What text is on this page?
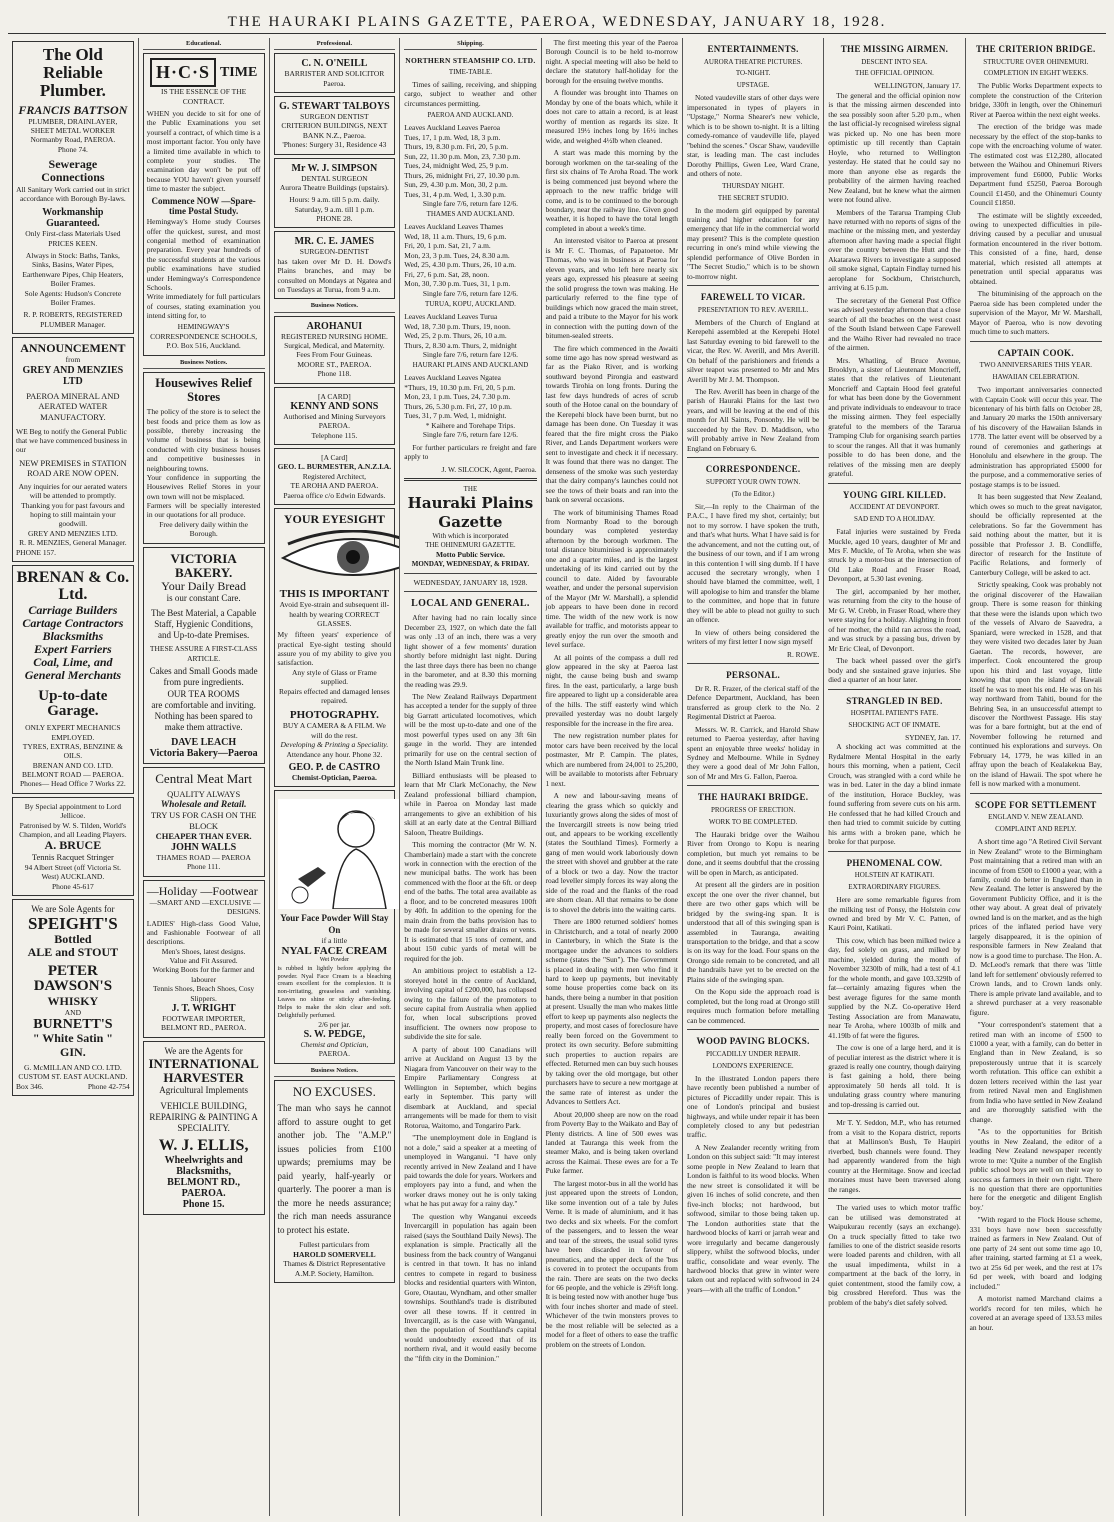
THE HAURAKI PLAINS GAZETTE, PAEROA, WEDNESDAY, JANUARY 18, 1928.
The Old Reliable Plumber.
FRANCIS BATTSON
PLUMBER, DRAINLAYER, SHEET METAL WORKER
Normanby Road, PAEROA.
Phone 74.
Sewerage Connections
All Sanitary Work carried out in strict accordance with Borough By-laws.
Workmanship Guaranteed.
Only First-class Materials Used PRICES KEEN.
Always in Stock: Baths, Tanks, Sinks, Basins, Water Pipes, Earthenware Pipes, Chip Heaters, Boiler Frames.
Sole Agents: Hudson's Concrete Boiler Frames.
R. P. ROBERTS, REGISTERED PLUMBER Manager.
ANNOUNCEMENT
from
GREY AND MENZIES LTD
PAEROA MINERAL AND AERATED WATER MANUFACTORY.
WE Beg to notify the General Public that we have commenced business in our
NEW PREMISES in STATION ROAD ARE NOW OPEN.
Any inquiries for our aerated waters will be attended to promptly.
Thanking you for past favours and hoping to still maintain your goodwill.
GREY AND MENZIES LTD.
R. R. MENZIES, General Manager.
PHONE 157.
BRENAN & Co. Ltd.
Carriage Builders
Cartage Contractors
Blacksmiths
Expert Farriers
Coal, Lime, and General Merchants
Up-to-date Garage.
ONLY EXPERT MECHANICS EMPLOYED.
TYRES, EXTRAS, BENZINE & OILS.
BRENAN AND CO. LTD.
BELMONT ROAD — PAEROA.
Phones— Head Office 7 Works 22.
By Special appointment to Lord Jellicoe.
Patronised by W. S. Tilden, World's Champion, and all Leading Players.
A. BRUCE
Tennis Racquet Stringer
94 Albert Street (off Victoria St. West) AUCKLAND.
Phone 45-617
We are Sole Agents for
SPEIGHT'S
Bottled
ALE and STOUT
PETER DAWSON'S
WHISKY
AND
BURNETT'S
" White Satin "
GIN.
G. McMILLAN AND CO. LTD.
CUSTOM ST. EAST AUCKLAND.
Box 346.	Phone 42-754
Educational.
H·C·S TIME
IS THE ESSENCE OF THE CONTRACT.
WHEN you decide to sit for one of the Public Examinations you set yourself a contract, of which time is a most important factor. You only have a limited time available in which to complete your studies. The examination day won't be put off because YOU haven't given yourself time to master the subject.
Commence NOW —Spare-time Postal Study.
Hemingway's Home study Courses offer the quickest, surest, and most congenial method of examination preparation. Every year hundreds of the successful students at the various public examinations have studied under Hemingway's Correspondence Schools.
Write immediately for full particulars of courses, stating examination you intend sitting for, to
HEMINGWAY'S CORRESPONDENCE SCHOOLS, P.O. Box 516, Auckland.
Business Notices.
Housewives Relief Stores
The policy of the store is to select the best foods and price them as low as possible, thereby increasing the volume of business that is being conducted with city business houses and competitive businesses in neighbouring towns.
Your confidence in supporting the Housewives Relief Stores in your own town will not be misplaced.
Farmers will be specially interested in our quotations for all produce.
Free delivery daily within the Borough.
VICTORIA BAKERY.
Your Daily Bread
is our constant Care.
The Best Material, a Capable Staff, Hygienic Conditions, and Up-to-date Premises.
THESE ASSURE A FIRST-CLASS ARTICLE.
Cakes and Small Goods made from pure ingredients.
OUR TEA ROOMS
are comfortable and inviting. Nothing has been spared to make them attractive.
DAVE LEACH
Victoria Bakery—Paeroa
Central Meat Mart
QUALITY ALWAYS
Wholesale and Retail.
TRY US FOR CASH ON THE BLOCK
CHEAPER THAN EVER.
JOHN WALLS
THAMES ROAD — PAEROA
Phone 111.
—Holiday —Footwear
—SMART AND —EXCLUSIVE —DESIGNS.
LADIES' High-class Good Value, and Fashionable Footwear of all descriptions.
Men's Shoes, latest designs.
Value and Fit Assured.
Working Boots for the farmer and labourer
Tennis Shoes, Beach Shoes, Cosy Slippers.
J. T. WRIGHT
FOOTWEAR IMPORTER, BELMONT RD., PAEROA.
We are the Agents for
INTERNATIONAL HARVESTER
Agricultural Implements
VEHICLE BUILDING, REPAIRING & PAINTING A SPECIALITY.
W. J. ELLIS,
Wheelwrights and Blacksmiths,
BELMONT RD., PAEROA.
Phone 15.
Professional.
C. N. O'NEILL
BARRISTER AND SOLICITOR
Paeroa.
G. STEWART TALBOYS
SURGEON DENTIST
CRITERION BUILDINGS, NEXT BANK N.Z., Paeroa.
'Phones: Surgery 31, Residence 43
Mr W. J. SIMPSON
DENTAL SURGEON
Aurora Theatre Buildings (upstairs).
Hours: 9 a.m. till 5 p.m. daily. Saturday, 9 a.m. till 1 p.m.
PHONE 28.
MR. C. E. JAMES
SURGEON-DENTIST
has taken over Mr D. H. Dowd's Plains branches, and may be consulted on Mondays at Ngatea and on Tuesdays at Turua, from 9 a.m.
Business Notices.
AROHANUI
REGISTERED NURSING HOME.
Surgical, Medical, and Maternity. Fees From Four Guineas.
MOORE ST., PAEROA.
Phone 118.
[A CARD]
KENNY AND SONS
Authorised and Mining Surveyors PAEROA.
Telephone 115.
[A Card]
GEO. L. BURMESTER, A.N.Z.I.A.
Registered Architect,
TE AROHA AND PAEROA.
Paeroa office c/o Edwin Edwards.
YOUR EYESIGHT
THIS IS IMPORTANT
Avoid Eye-strain and subsequent ill-health by wearing CORRECT GLASSES.
My fifteen years' experience of practical Eye-sight testing should assure you of my ability to give you satisfaction.
Any style of Glass or Frame supplied.
Repairs effected and damaged lenses repaired.
PHOTOGRAPHY.
BUY A CAMERA & A FILM. We will do the rest.
Developing & Printing a Speciality.
Attendance any hour. Phone 32.
GEO. P. de CASTRO
Chemist-Optician, Paeroa.
Your Face Powder Will Stay On
if a little
NYAL FACE CREAM
Wet Powder
is rubbed in lightly before applying the powder. Nyal Face Cream is a bleaching cream excellent for the complexion. It is non-irritating, greaseless and vanishing. Leaves no shine or sticky after-feeling. Helps to make the skin clear and soft. Delightfully perfumed.
2/6 per jar.
S. W. PEDGE,
Chemist and Optician,
PAEROA.
Business Notices.
NO EXCUSES.
The man who says he cannot afford to assure ought to get another job. The "A.M.P." issues policies from £100 upwards; premiums may be paid yearly, half-yearly or quarterly. The poorer a man is the more he needs assurance; the rich man needs assurance to protect his estate.
Fullest particulars from
HAROLD SOMERVELL
Thames & District Representative A.M.P. Society, Hamilton.
Shipping.
NORTHERN STEAMSHIP CO. LTD.
TIME-TABLE.

Times of sailing, receiving, and shipping cargo, subject to weather and other circumstances permitting.

PAEROA AND AUCKLAND.
Leaves Auckland Leaves Paeroa
Tues, 17, 1 p.m. Wed, 18, 3 p.m.
Thurs, 19, 8.30 p.m. Fri, 20, 5 p.m.
Sun, 22, 11.30 p.m. Mon, 23, 7.30 p.m.
Tues, 24, midnight Wed, 25, 9 p.m.
Thurs, 26, midnight Fri, 27, 10.30 p.m.
Sun, 29, 4.30 p.m. Mon, 30, 2 p.m.
Tues, 31, 4 p.m. Wed, 1, 3.30 p.m.
Single fare 7/6, return fare 12/6.
THAMES AND AUCKLAND.
Leaves Auckland Leaves Thames
Wed, 18, 11 a.m. Thurs, 19, 6 p.m.
Fri, 20, 1 p.m. Sat, 21, 7 a.m.
Mon, 23, 3 p.m. Tues, 24, 8.30 a.m.
Wed, 25, 4.30 p.m. Thurs, 26, 10 a.m.
Fri, 27, 6 p.m. Sat, 28, noon.
Mon, 30, 7.30 p.m. Tues, 31, 1 p.m.
Single fare 7/6, return fare 12/6.
TURUA, KOPU, AUCKLAND.
Leaves Auckland Leaves Turua
Wed, 18, 7.30 p.m. Thurs, 19, noon.
Wed, 25, 2 p.m. Thurs, 26, 10 a.m.
Thurs, 2, 8.30 a.m. Thurs, 2, midnight
Single fare 7/6, return fare 12/6.
HAURAKI PLAINS AND AUCKLAND
Leaves Auckland Leaves Ngatea
*Thurs, 19, 10.30 p.m. Fri, 20, 5 p.m.
Mon, 23, 1 p.m. Tues, 24, 7.30 p.m.
Thurs, 26, 5.30 p.m. Fri, 27, 10 p.m.
Tues, 31, 7 p.m. Wed, 1, midnight.
* Kaihere and Torehape Trips.
Single fare 7/6, return fare 12/6.

For further particulars re freight and fare apply to

J. W. SILCOCK, Agent, Paeroa.
THE
Hauraki Plains Gazette
With which is incorporated
THE OHINEMURI GAZETTE.
Motto Public Service.
MONDAY, WEDNESDAY, & FRIDAY.
WEDNESDAY, JANUARY 18, 1928.
LOCAL AND GENERAL.

After having had no rain locally since December 23, 1927, on which date the fall was only .13 of an inch, there was a very light shower of a few moments' duration shortly before midnight last night. During the last three days there has been no change in the barometer, and at 8.30 this morning the reading was 29.9.

The New Zealand Railways Department has accepted a tender for the supply of three big Garratt articulated locomotives, which will be the most up-to-date and one of the most powerful types used on any 3ft 6in gauge in the world. They are intended primarily for use on the central section of the North Island Main Trunk line.

Billiard enthusiasts will be pleased to learn that Mr Clark McConachy, the New Zealand professional billiard champion, while in Paeroa on Monday last made arrangements to give an exhibition of his skill at an early date at the Central Billiard Saloon, Theatre Buildings.

This morning the contractor (Mr W. N. Chamberlain) made a start with the concrete work in connection with the erection of the new municipal baths. The work has been commenced with the floor at the 6ft. or deep end of the baths. The total area available as a floor, and to be concreted measures 100ft by 40ft. In addition to the opening for the main drain from the baths provision has to be made for several smaller drains or vents. It is estimated that 15 tons of cement, and about 150 cubic yards of metal will be required for the job.

An ambitious project to establish a 12-storeyed hotel in the centre of Auckland, involving capital of £200,000, has collapsed owing to the failure of the promoters to secure capital from Australia when applied for, when local subscriptions proved insufficient. The owners now propose to subdivide the site for sale.

A party of about 100 Canadians will arrive at Auckland on August 13 by the Niagara from Vancouver on their way to the Empire Parliamentary Congress at Wellington in September, which begins early in September. This party will disembark at Auckland, and special arrangements will be made for them to visit Rotorua, Waitomo, and Tongariro Park.

"The unemployment dole in England is not a dole," said a speaker at a meeting of unemployed in Wanganui. "I have only recently arrived in New Zealand and I have paid towards the dole for years. Workers and employers pay into a fund, and when the worker draws money out he is only taking what he has put away for a rainy day."

The question why Wanganui exceeds Invercargill in population has again been raised (says the Southland Daily News). The explanation is simple. Practically all the business from the back country of Wanganui is centred in that town. It has no inland centres to compete in regard to business blocks and residential quarters with Winton, Gore, Otautau, Wyndham, and other smaller townships. Southland's trade is distributed over all these towns. If it centred in Invercargill, as is the case with Wanganui, then the population of Southland's capital would undoubtedly exceed that of its northern rival, and it would easily become the "fifth city in the Dominion."

The first meeting this year of the Paeroa Borough Council is to be held to-morrow night. A special meeting will also be held to declare the statutory half-holiday for the borough for the ensuing twelve months.

A flounder was brought into Thames on Monday by one of the boats which, while it does not care to attain a record, is at least worthy of mention as regards its size. It measured 19½ inches long by 16½ inches wide, and weighed 4½lb when cleaned.

A start was made this morning by the borough workmen on the tar-sealing of the first six chains of Te Aroha Road. The work is being commenced just beyond where the approach to the new traffic bridge will come, and is to be continued to the borough boundary, near the railway line. Given good weather, it is hoped to have the total length completed in about a week's time.

An interested visitor to Paeroa at present is Mr F. C. Thomas, of Papatoetoe. Mr Thomas, who was in business at Paeroa for eleven years, and who left here nearly six years ago, expressed his pleasure at seeing the solid progress the town was making. He particularly referred to the fine type of buildings which now graced the main street, and paid a tribute to the Mayor for his work in connection with the putting down of the bitumen-sealed streets.

The fire which commenced in the Awaiti some time ago has now spread westward as far as the Piako River, and is working southward beyond Pirongia and eastward towards Tirohia on long fronts. During the last few days hundreds of acres of scrub south of the Hotoe canal on the boundary of the Kerepehi block have been burnt, but no damage has been done. On Tuesday it was feared that the fire might cross the Piako River, and Lands Department workers were sent to investigate and check it if necessary. It was found that there was no danger. The denseness of the smoke was such yesterday that the dairy company's launches could not see the tows of their boats and ran into the bank on several occasions.

The work of bituminising Thames Road from Normanby Road to the borough boundary was completed yesterday afternoon by the borough workmen. The total distance bituminised is approximately one and a quarter miles, and is the largest undertaking of its kind carried out by the council to date. Aided by favourable weather, and under the personal supervision of the Mayor (Mr W. Marshall), a splendid job appears to have been done in record time. The width of the new work is now available for traffic, and motorists appear to greatly enjoy the run over the smooth and level surface.

At all points of the compass a dull red glow appeared in the sky at Paeroa last night, the cause being bush and swamp fires. In the east, particularly, a large bush fire appeared to light up a considerable area of the hills. The stiff easterly wind which prevailed yesterday was no doubt largely responsible for the increase in the fire area.

The new registration number plates for motor cars have been received by the local postmaster, Mr P. Campin. The plates, which are numbered from 24,001 to 25,200, will be available to motorists after February 1 next.

A new and labour-saving means of clearing the grass which so quickly and luxuriantly grows along the sides of most of the Invercargill streets is now being tried out, and appears to be working excellently (states the Southland Times). Formerly a gang of men would work laboriously down the street with shovel and grubber at the rate of a block or two a day. Now the tractor road leveller simply forces its way along the side of the road and the flanks of the road are shorn clean. All that remains to be done is to shovel the debris into the waiting carts.

There are 1800 returned soldiers' homes in Christchurch, and a total of nearly 2000 in Canterbury, in which the State is the mortgagee under the advances to soldiers scheme (states the "Sun"). The Government is placed in dealing with men who find it hard to keep up payments, but inevitably some house properties come back on its hands, there being a number in that position at present. Usually the man who makes little effort to keep up payments also neglects the property, and most cases of foreclosure have really been forced on the Government to protect its own security. Before submitting such properties to auction repairs are effected. Returned men can buy such houses by taking over the old mortgage, but other purchasers have to secure a new mortgage at the same rate of interest as under the Advances to Settlers Act.

About 20,000 sheep are now on the road from Poverty Bay to the Waikato and Bay of Plenty districts. A line of 500 ewes was landed at Tauranga this week from the steamer Mako, and is being taken overland across the Kaimai. These ewes are for a Te Puke farmer.

The largest motor-bus in all the world has just appeared upon the streets of London, like some invention out of a tale by Jules Verne. It is made of aluminium, and it has two decks and six wheels. For the comfort of the passengers, and to lessen the wear and tear of the streets, the usual solid tyres have been discarded in favour of pneumatics, and the upper deck of the 'bus is covered in to protect the occupants from the rain. There are seats on the two decks for 66 people, and the vehicle is 29½ft long. It is being tested now with another huge 'bus with four inches shorter and made of steel. Whichever of the twin monsters proves to be the most reliable will be selected as a model for a fleet of others to ease the traffic problem on the streets of London.

ENTERTAINMENTS.
AURORA THEATRE PICTURES.
TO-NIGHT.
UPSTAGE.

Noted vaudeville stars of other days were impersonated in types of players in "Upstage," Norma Shearer's new vehicle, which is to be shown to-night. It is a lilting comedy-romance of vaudeville life, played "behind the scenes." Oscar Shaw, vaudeville star, is leading man. The cast includes Dorothy Phillips, Gwen Lee, Ward Crane, and others of note.

THURSDAY NIGHT.
THE SECRET STUDIO.

In the modern girl equipped by parental training and higher education for any emergency that life in the commercial world may present? This is the complete question recurring in one's mind while viewing the splendid performance of Olive Borden in "The Secret Studio," which is to be shown to-morrow night.

FAREWELL TO VICAR.
PRESENTATION TO REV. AVERILL.

Members of the Church of England at Kerepehi assembled at the Kerepehi Hotel last Saturday evening to bid farewell to the vicar, the Rev. W. Averill, and Mrs Averill. On behalf of the parishioners and friends a silver teapot was presented to Mr and Mrs Averill by Mr J. M. Thompson.

The Rev. Averill has been in charge of the parish of Hauraki Plains for the last two years, and will be leaving at the end of this month for All Saints, Ponsonby. He will be succeeded by the Rev. D. Maddison, who will probably arrive in New Zealand from England on February 6.

CORRESPONDENCE.
SUPPORT YOUR OWN TOWN.
(To the Editor.)

Sir,—In reply to the Chairman of the P.A.C., I have fired my shot, certainly; but not to my sorrow. I have spoken the truth, and that's what hurts. What I have said is for the advancement, and not the cutting out, of the business of our town, and if I am wrong in this contention I will sing dumb. If I have accused the secretary wrongly, when I should have blamed the committee, well, I will apologise to him and transfer the blame to the committee, and hope that in future they will be able to plead not guilty to such an offence.

In view of others being considered the writers of my first letter I now sign myself

R. ROWE.
PERSONAL.

Dr R. R. Frazer, of the clerical staff of the Defence Department, Auckland, has been transferred as group clerk to the No. 2 Regimental District at Paeroa.

Messrs. W. R. Carrick, and Harold Shaw returned to Paeroa yesterday, after having spent an enjoyable three weeks' holiday in Sydney and Melbourne. While in Sydney they were a good deal of Mr John Fallon, son of Mr and Mrs G. Fallon, Paeroa.

THE HAURAKI BRIDGE.
PROGRESS OF ERECTION.
WORK TO BE COMPLETED.

The Hauraki bridge over the Waihou River from Orongo to Kopu is nearing completion, but much yet remains to be done, and it seems doubtful that the crossing will be open in March, as anticipated.

At present all the girders are in position except the one over the river channel, but there are two other gaps which will be bridged by the swing-ing span. It is understood that all of this swinging span is assembled in Tauranga, awaiting transportation to the bridge, and that a scow is on its way for the load. Four spans on the Orongo side remain to be concreted, and all the handrails have yet to be erected on the Plains side of the swinging span.

On the Kopu side the approach road is completed, but the long road at Orongo still requires much formation before metalling can be commenced.

WOOD PAVING BLOCKS.
PICCADILLY UNDER REPAIR.
LONDON'S EXPERIENCE.

In the illustrated London papers there have recently been published a number of pictures of Piccadilly under repair. This is one of London's principal and busiest highways, and while under repair it has been completely closed to any but pedestrian traffic.

A New Zealander recently writing from London on this subject said: "It may interest some people in New Zealand to learn that London is faithful to its wood blocks. When the new street is consolidated it will be given 16 inches of solid concrete, and then five-inch blocks; not hardwood, but softwood, similar to those being taken up. The London authorities state that the hardwood blocks of karri or jarrah wear and wore irregularly and became dangerously slippery, whilst the softwood blocks, under traffic, consolidate and wear evenly. The hardwood blocks that grew in winter were taken out and replaced with softwood in 24 years—with all the traffic of London."

THE MISSING AIRMEN.
DESCENT INTO SEA.
THE OFFICIAL OPINION.
WELLINGTON, January 17.

The general and the official opinion now is that the missing airmen descended into the sea possibly soon after 5.20 p.m., when the last official-ly recognised wireless signal was picked up. No one has been more optimistic up till recently than Captain Hoyle, who returned to Wellington yesterday. He stated that he could say no more than anyone else as regards the probability of the airmen having reached New Zealand, but he knew what the airmen were not found alive.

Members of the Tararua Tramping Club have returned with no reports of signs of the machine or the missing men, and yesterday afternoon after having made a special flight over the country between the Hutt and the Akatarawa Rivers to investigate a supposed oil smoke signal, Captain Findlay turned his aeroplane for Sockburn, Christchurch, arriving at 6.15 p.m.

The secretary of the General Post Office was advised yesterday afternoon that a close search of all the beaches on the west coast of the South Island between Cape Farewell and the Waiho River had revealed no trace of the airmen.

Mrs. Whatling, of Bruce Avenue, Brooklyn, a sister of Lieutenant Moncrieff, states that the relatives of Lieutenant Moncrieff and Captain Hood feel grateful for what has been done by the Government and private individuals to endeavour to trace the missing airmen. They feel especially grateful to the members of the Tararua Tramping Club for organising search parties to scour the ranges. All that it was humanly possible to do has been done, and the relatives of the missing men are deeply grateful.

YOUNG GIRL KILLED.
ACCIDENT AT DEVONPORT.
SAD END TO A HOLIDAY.

Fatal injuries were sustained by Freda Muckle, aged 10 years, daughter of Mr and Mrs F. Muckle, of Te Aroha, when she was struck by a motor-bus at the intersection of Old Lake Road and Fraser Road, Devonport, at 5.30 last evening.

The girl, accompanied by her mother, was returning from the city to the house of Mr G. W. Crebb, in Fraser Road, where they were staying for a holiday. Alighting in front of her mother, the child ran across the road, and was struck by a passing bus, driven by Mr Eric Cleal, of Devonport.

The back wheel passed over the girl's body and she sustained grave injuries. She died a quarter of an hour later.

STRANGLED IN BED.
HOSPITAL PATIENT'S FATE.
SHOCKING ACT OF INMATE.
SYDNEY, Jan. 17.

A shocking act was committed at the Rydalmere Mental Hospital in the early hours this morning, when a patient, Cecil Crouch, was strangled with a cord while he was in bed. Later in the day a blind inmate of the institution, Horace Buckley, was found suffering from severe cuts on his arm. He confessed that he had killed Crouch and then had tried to commit suicide by cutting his arms with a broken pane, which he broke for that purpose.

PHENOMENAL COW.
HOLSTEIN AT KATIKATI.
EXTRAORDINARY FIGURES.

Here are some remarkable figures from the milking test of Ponsy, the Holstein cow owned and bred by Mr V. C. Patten, of Kauri Point, Katikati.

This cow, which has been milked twice a day, fed solely on grass, and milked by machine, yielded during the month of November 3230lb of milk, had a test of 4.1 for the whole month, and gave 103.329lb of fat—certainly amazing figures when the best average figures for the same month supplied by the N.Z. Co-operative Herd Testing Association are from Manawatu, near Te Aroha, where 1003lb of milk and 41.19lb of fat were the figures.

The cow is one of a large herd, and it is of peculiar interest as the district where it is grazed is really one country, though dairying is fast gaining a hold, there being approximately 50 herds all told. It is undulating grass country where manuring and top-dressing is carried out.

Mr T. Y. Seddon, M.P., who has returned from a visit to the Kopara district, reports that at Mallinson's Bush, Te Haupiri riverbed, bush channels were found. They had apparently wandered from the high country at the Hermitage. Snow and iceclad moraines must have been traversed along the ranges.

The varied uses to which motor traffic can be utilised was demonstrated at Waipukurau recently (says an exchange). On a truck specially fitted to take two families to one of the district seaside resorts were loaded parents and children, with all the usual impedimenta, whilst in a compartment at the back of the lorry, in quiet contentment, stood the family cow, a big crossbred Hereford. Thus was the problem of the baby's diet safely solved.

THE CRITERION BRIDGE.
STRUCTURE OVER OHINEMURI.
COMPLETION IN EIGHT WEEKS.

The Public Works Department expects to complete the construction of the Criterion bridge, 330ft in length, over the Ohinemuri River at Paeroa within the next eight weeks.

The erection of the bridge was made necessary by the effect of the stop-banks to cope with the encroaching volume of water. The estimated cost was £12,280, allocated between the Waihou and Ohinemuri Rivers improvement fund £6000, Public Works Department fund £5250, Paeroa Borough Council £1450, and the Ohinemuri County Council £1850.

The estimate will be slightly exceeded, owing to unexpected difficulties in pile-driving caused by a peculiar and unusual formation encountered in the river bottom. This consisted of a fine, hard, dense material, which resisted all attempts at penetration until special apparatus was obtained.

The bituminising of the approach on the Paeroa side has been completed under the supervision of the Mayor, Mr W. Marshall, Mayor of Paeroa, who is now devoting much time to such matters.

CAPTAIN COOK.
TWO ANNIVERSARIES THIS YEAR.
HAWAIIAN CELEBRATION.

Two important anniversaries connected with Captain Cook will occur this year. The bicentenary of his birth falls on October 28, and January 20 marks the 150th anniversary of his discovery of the Hawaiian Islands in 1778. The latter event will be observed by a round of ceremonies and gatherings at Honolulu and elsewhere in the group. The administration has appropriated £5000 for the purpose, and a commemorative series of postage stamps is to be issued.

It has been suggested that New Zealand, which owes so much to the great navigator, should be officially represented at the celebrations. So far the Government has said nothing about the matter, but it is possible that Professor J. B. Condliffe, director of research for the Institute of Pacific Relations, and formerly of Canterbury College, will be asked to act.

Strictly speaking, Cook was probably not the original discoverer of the Hawaiian group. There is some reason for thinking that these were the islands upon which two of the vessels of Alvaro de Saavedra, a Spaniard, were wrecked in 1528, and that they were visited two decades later by Juan Gaetan. The records, however, are imperfect. Cook encountered the group upon his third and last voyage, little knowing that upon the island of Hawaii itself he was to meet his end. He was on his way northward from Tahiti, bound for the Behring Sea, in an unsuccessful attempt to discover the Northwest Passage. His stay was for a bare fortnight, but at the end of November following he returned and continued his explorations and surveys. On February 14, 1779, he was killed in an affray upon the beach of Kealakekua Bay, on the island of Hawaii. The spot where he fell is now marked with a monument.

SCOPE FOR SETTLEMENT
ENGLAND V. NEW ZEALAND.
COMPLAINT AND REPLY.

A short time ago "A Retired Civil Servant in New Zealand" wrote to the Birmingham Post maintaining that a retired man with an income of from £500 to £1000 a year, with a family, could do better in England than in New Zealand. The letter is answered by the Government Publicity Office, and it is the other way about. A great deal of privately owned land is on the market, and as the high prices of the inflated period have very largely disappeared, it is the opinion of responsible farmers in New Zealand that now is a good time to purchase. The Hon. A. D. McLeod's remark that there was 'little land left for settlement' obviously referred to Crown lands, and to Crown lands only. There is ample private land available, and to a shrewd purchaser at a very reasonable figure.

"Your correspondent's statement that a retired man with an income of £500 to £1000 a year, with a family, can do better in England than in New Zealand, is so preposterously untrue that it is scarcely worth refutation. This office can exhibit a dozen letters received within the last year from retired Naval men and Englishmen from India who have settled in New Zealand and are thoroughly satisfied with the change.

"As to the opportunities for British youths in New Zealand, the editor of a leading New Zealand newspaper recently wrote to me: 'Quite a number of the English public school boys are well on their way to success as farmers in their own right. There is no question that there are opportunities here for the energetic and diligent English boy.'

"With regard to the Flock House scheme, 331 boys have now been successfully trained as farmers in New Zealand. Out of one party of 24 sent out some time ago 10, after training, started farming at £1 a week, two at 25s 6d per week, and the rest at 17s 6d per week, with board and lodging included."

A motorist named Marchand claims a world's record for ten miles, which he covered at an average speed of 133.53 miles an hour.
